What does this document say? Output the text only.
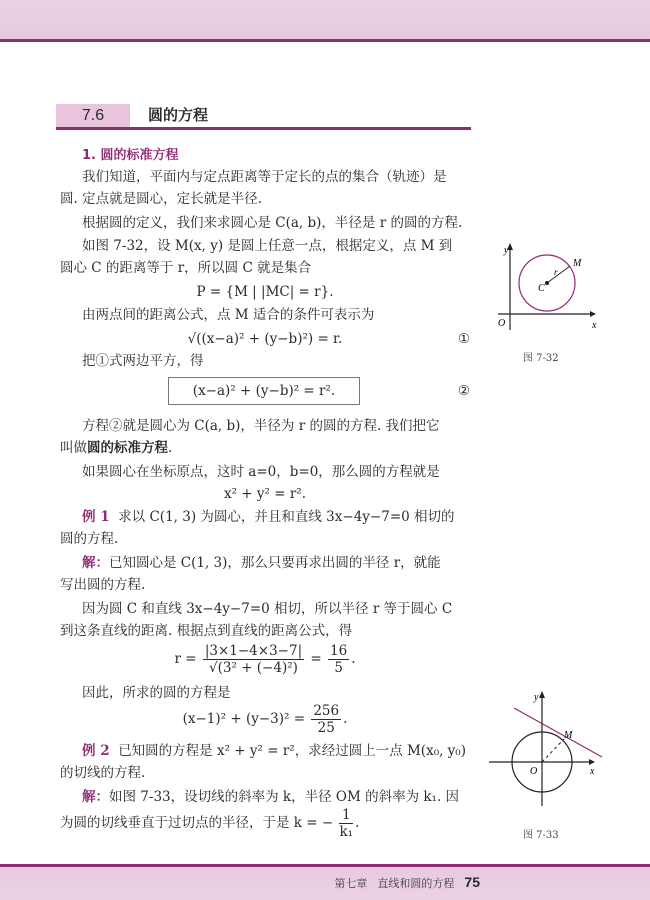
7.6	圆的方程
1. 圆的标准方程
我们知道，平面内与定点距离等于定长的点的集合（轨迹）是
圆. 定点就是圆心，定长就是半径.
根据圆的定义，我们来求圆心是 C(a, b)，半径是 r 的圆的方程.
如图 7-32，设 M(x, y) 是圆上任意一点，根据定义，点 M 到
圆心 C 的距离等于 r，所以圆 C 就是集合
P = {M | |MC| = r}.
由两点间的距离公式，点 M 适合的条件可表示为
√((x−a)² + (y−b)²) = r.	①
把①式两边平方，得
(x−a)² + (y−b)² = r².	②
方程②就是圆心为 C(a, b)，半径为 r 的圆的方程. 我们把它
叫做圆的标准方程.
如果圆心在坐标原点，这时 a=0，b=0，那么圆的方程就是
x² + y² = r².
例 1 求以 C(1, 3) 为圆心，并且和直线 3x−4y−7=0 相切的
圆的方程.
解：已知圆心是 C(1, 3)，那么只要再求出圆的半径 r，就能
写出圆的方程.
因为圆 C 和直线 3x−4y−7=0 相切，所以半径 r 等于圆心 C
到这条直线的距离. 根据点到直线的距离公式，得
$r = \frac{|3\times 1-4\times 3-7|}{\text{√(3² + (−4)²)}} = \frac{16}{5}$ .
因此，所求的圆的方程是
$(x-1)^2 + (y-3)^2 = \frac{256}{25}$ .
例 2 已知圆的方程是 x² + y² = r²，求经过圆上一点 M(x₀, y₀)
的切线的方程.
解：如图 7-33，设切线的斜率为 k，半径 OM 的斜率为 k₁. 因
为圆的切线垂直于过切点的半径，于是 k = − $\frac{1}{\text{k₁}}$ .
y
x
O
C
r
M
图 7-32
y
x
O
M
图 7-33
第七章 直线和圆的方程 75
